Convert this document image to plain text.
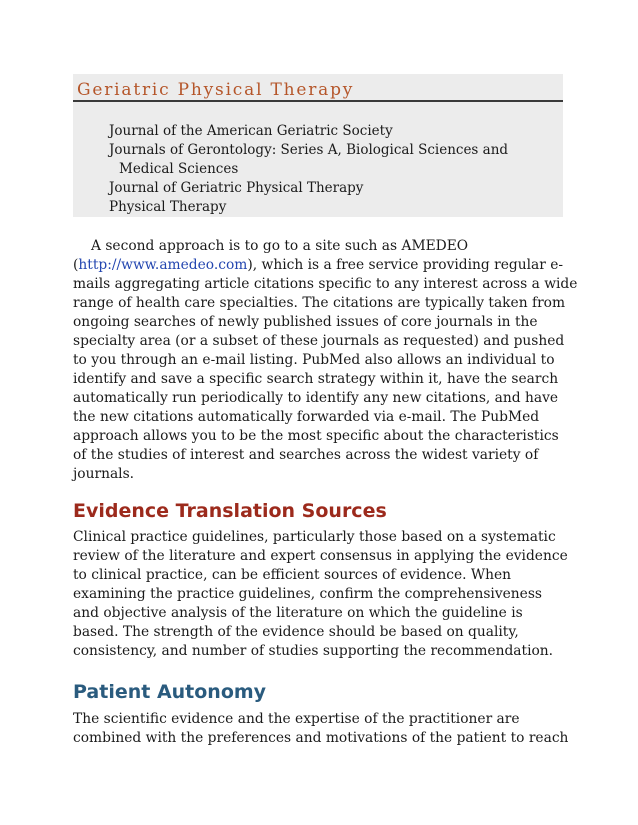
Geriatric Physical Therapy
Journal of the American Geriatric Society
Journals of Gerontology: Series A, Biological Sciences and
Medical Sciences
Journal of Geriatric Physical Therapy
Physical Therapy
A second approach is to go to a site such as AMEDEO
(http://www.amedeo.com), which is a free service providing regular e-
mails aggregating article citations specific to any interest across a wide
range of health care specialties. The citations are typically taken from
ongoing searches of newly published issues of core journals in the
specialty area (or a subset of these journals as requested) and pushed
to you through an e-mail listing. PubMed also allows an individual to
identify and save a specific search strategy within it, have the search
automatically run periodically to identify any new citations, and have
the new citations automatically forwarded via e-mail. The PubMed
approach allows you to be the most specific about the characteristics
of the studies of interest and searches across the widest variety of
journals.
Evidence Translation Sources
Clinical practice guidelines, particularly those based on a systematic
review of the literature and expert consensus in applying the evidence
to clinical practice, can be efficient sources of evidence. When
examining the practice guidelines, confirm the comprehensiveness
and objective analysis of the literature on which the guideline is
based. The strength of the evidence should be based on quality,
consistency, and number of studies supporting the recommendation.
Patient Autonomy
The scientific evidence and the expertise of the practitioner are
combined with the preferences and motivations of the patient to reach
